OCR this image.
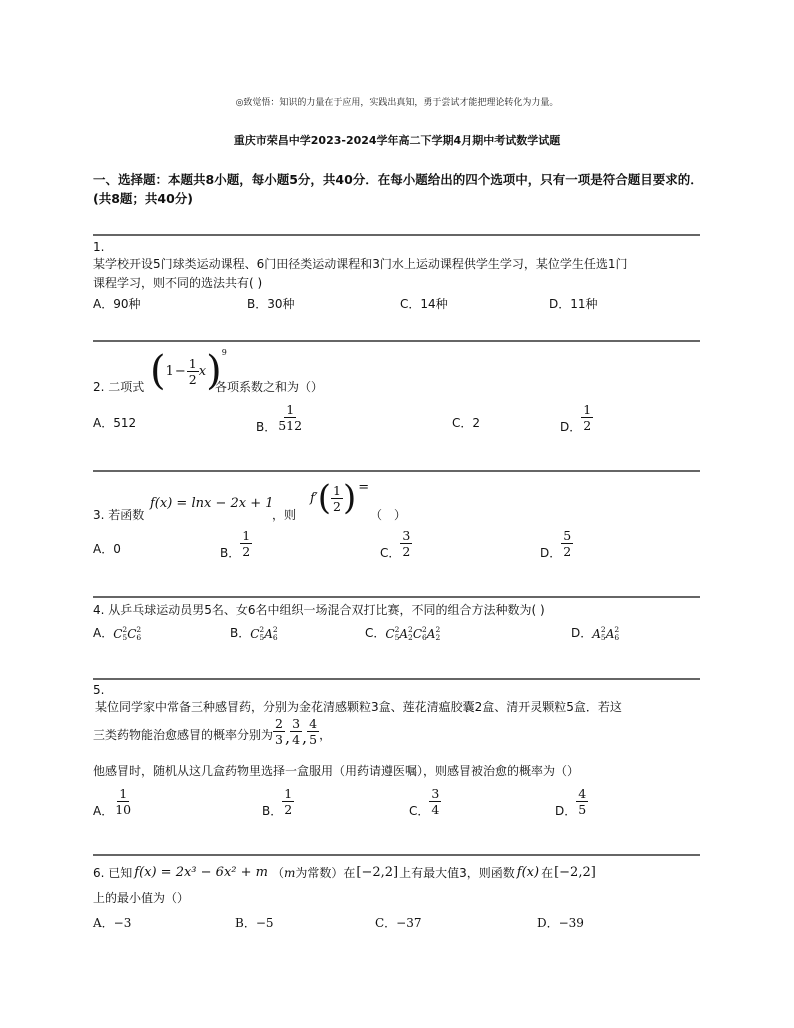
◎致觉悟：知识的力量在于应用，实践出真知，勇于尝试才能把理论转化为力量。
重庆市荣昌中学2023-2024学年高二下学期4月期中考试数学试题
一、选择题：本题共8小题，每小题5分，共40分．在每小题给出的四个选项中，只有一项是符合题目要求的．(共8题；共40分)
1.
某学校开设5门球类运动课程、6门田径类运动课程和3门水上运动课程供学生学习，某位学生任选1门
课程学习，则不同的选法共有( )
A．90种	B．30种	C．14种	D．11种
2. 二项式 ( $1 - \frac{1}{2}$ x ) 9
各项系数之和为（）
A．512	B． $\frac{1}{512}$	C．2	D． $\frac{1}{2}$
3. 若函数
f(x) = lnx − 2x + 1
，则
f′ ( $\frac{1}{2}$ ) =
（　）
A．0	B． $\frac{1}{2}$	C． $\frac{3}{2}$	D． $\frac{5}{2}$
4. 从乒乓球运动员男5名、女6名中组织一场混合双打比赛，不同的组合方法种数为( )
A． C 2
5 C 2
6	B． C 2
5 A 2
6	C． C 2
5 A 2
2 C 2
6 A 2
2	D． A 2
5 A 2
6
5.
某位同学家中常备三种感冒药，分别为金花清感颗粒3盒、莲花清瘟胶囊2盒、清开灵颗粒5盒．若这
三类药物能治愈感冒的概率分别为 $\frac{2}{3}$ , $\frac{3}{4}$ , $\frac{4}{5}$ ，
他感冒时，随机从这几盒药物里选择一盒服用（用药请遵医嘱），则感冒被治愈的概率为（）
A． $\frac{1}{10}$	B． $\frac{1}{2}$	C． $\frac{3}{4}$	D． $\frac{4}{5}$
6. 已知 f(x) = 2x³ − 6x² + m （ m 为常数）在 [−2,2] 上有最大值3，则函数 f(x) 在 [−2,2]
上的最小值为（）
A．−3	B．−5	C．−37	D．−39
